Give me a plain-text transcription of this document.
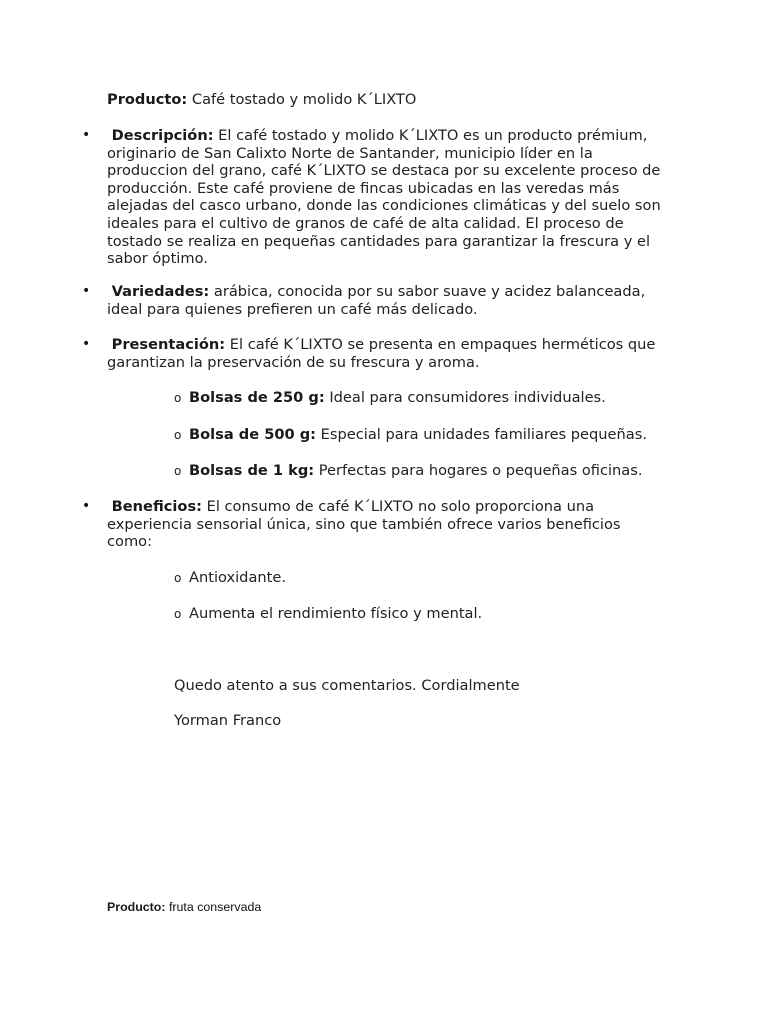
Producto: Café tostado y molido K´LIXTO
•	Descripción: El café tostado y molido K´LIXTO es un producto prémium, originario de San Calixto Norte de Santander, municipio líder en la produccion del grano, café K´LIXTO se destaca por su excelente proceso de producción. Este café proviene de fincas ubicadas en las veredas más alejadas del casco urbano, donde las condiciones climáticas y del suelo son ideales para el cultivo de granos de café de alta calidad. El proceso de tostado se realiza en pequeñas cantidades para garantizar la frescura y el sabor óptimo.
•	Variedades: arábica, conocida por su sabor suave y acidez balanceada, ideal para quienes prefieren un café más delicado.
•	Presentación: El café K´LIXTO se presenta en empaques herméticos que garantizan la preservación de su frescura y aroma.
o Bolsas de 250 g: Ideal para consumidores individuales.
o Bolsa de 500 g: Especial para unidades familiares pequeñas.
o Bolsas de 1 kg: Perfectas para hogares o pequeñas oficinas.
•	Beneficios: El consumo de café K´LIXTO no solo proporciona una experiencia sensorial única, sino que también ofrece varios beneficios como:
o Antioxidante.
o Aumenta el rendimiento físico y mental.
Quedo atento a sus comentarios. Cordialmente
Yorman Franco
Producto: fruta conservada
